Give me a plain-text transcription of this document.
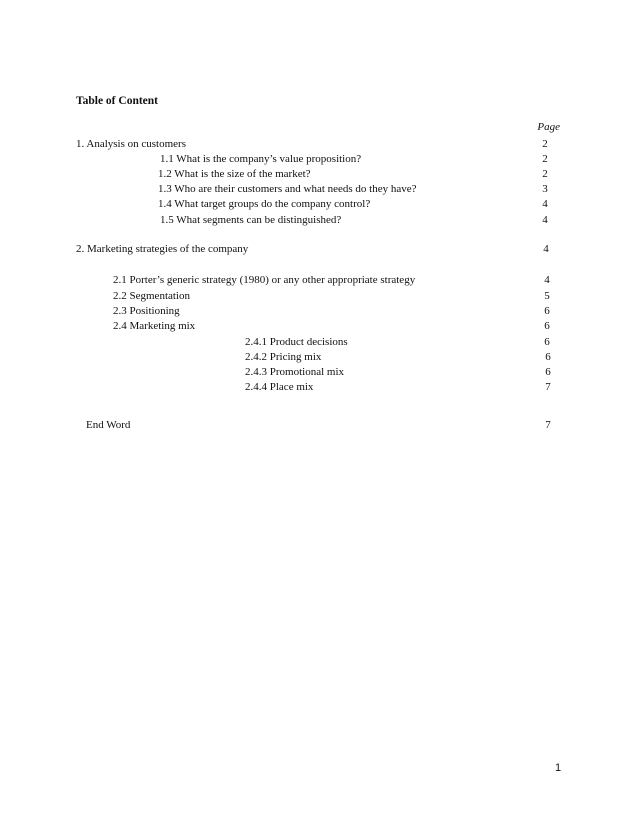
Table of Content
Page
1. Analysis on customers	2
1.1 What is the company’s value proposition?	2
1.2 What is the size of the market?	2
1.3 Who are their customers and what needs do they have?	3
1.4 What target groups do the company control?	4
1.5 What segments can be distinguished?	4
2. Marketing strategies of the company	4
2.1 Porter’s generic strategy (1980) or any other appropriate strategy	4
2.2 Segmentation	5
2.3 Positioning	6
2.4 Marketing mix	6
2.4.1 Product decisions	6
2.4.2 Pricing mix	6
2.4.3 Promotional mix	6
2.4.4 Place mix	7
End Word	7
1
